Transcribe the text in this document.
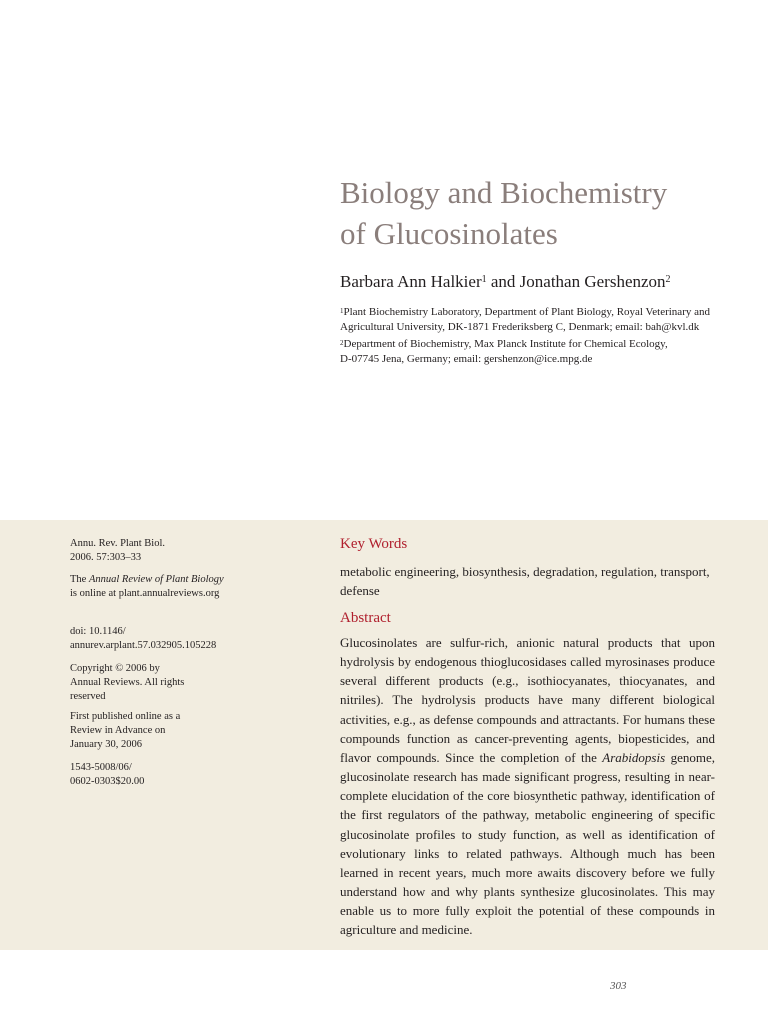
Biology and Biochemistry
of Glucosinolates
Barbara Ann Halkier$^1$ and Jonathan Gershenzon$^2$
$^1$Plant Biochemistry Laboratory, Department of Plant Biology, Royal Veterinary and
Agricultural University, DK-1871 Frederiksberg C, Denmark; email: bah@kvl.dk
$^2$Department of Biochemistry, Max Planck Institute for Chemical Ecology,
D-07745 Jena, Germany; email: gershenzon@ice.mpg.de
Annu. Rev. Plant Biol.
2006. 57:303–33
The Annual Review of Plant Biology is online at plant.annualreviews.org
doi: 10.1146/
annurev.arplant.57.032905.105228
Copyright © 2006 by
Annual Reviews. All rights
reserved
First published online as a
Review in Advance on
January 30, 2006
1543-5008/06/
0602-0303$20.00
Key Words
metabolic engineering, biosynthesis, degradation, regulation, transport, defense
Abstract
Glucosinolates are sulfur-rich, anionic natural products that upon hydrolysis by endogenous thioglucosidases called myrosinases produce several different products (e.g., isothiocyanates, thiocyanates, and nitriles). The hydrolysis products have many different biological activities, e.g., as defense compounds and attractants. For humans these compounds function as cancer-preventing agents, biopesticides, and flavor compounds. Since the completion of the Arabidopsis genome, glucosinolate research has made significant progress, resulting in near-complete elucidation of the core biosynthetic pathway, identification of the first regulators of the pathway, metabolic engineering of specific glucosinolate profiles to study function, as well as identification of evolutionary links to related pathways. Although much has been learned in recent years, much more awaits discovery before we fully understand how and why plants synthesize glucosinolates. This may enable us to more fully exploit the potential of these compounds in agriculture and medicine.
303
